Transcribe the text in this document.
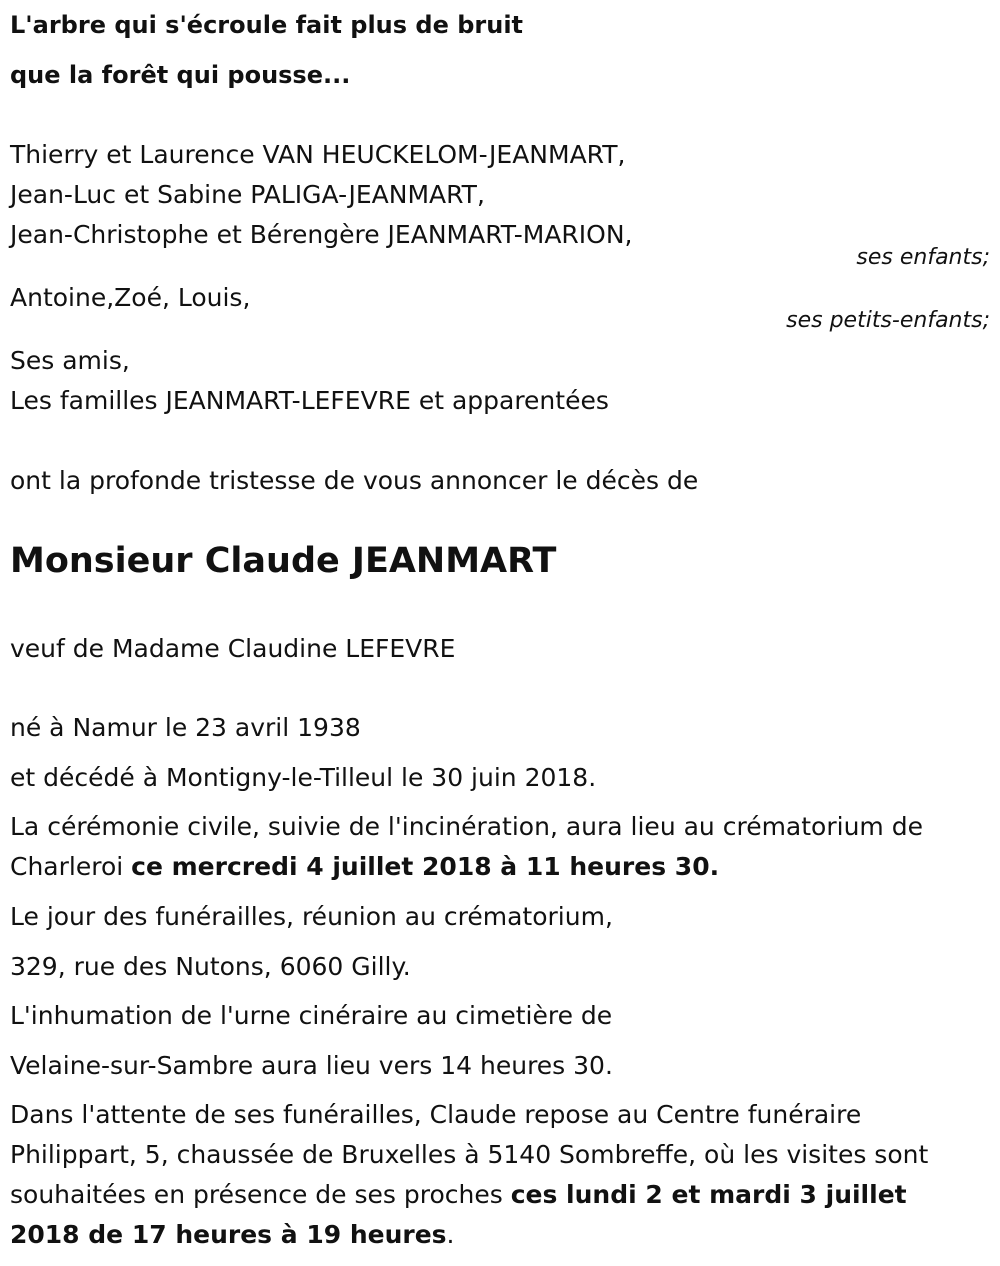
L'arbre qui s'écroule fait plus de bruit
que la forêt qui pousse...
Thierry et Laurence VAN HEUCKELOM-JEANMART,
Jean-Luc et Sabine PALIGA-JEANMART,
Jean-Christophe et Bérengère JEANMART-MARION,
ses enfants;
Antoine,Zoé, Louis,
ses petits-enfants;
Ses amis,
Les familles JEANMART-LEFEVRE et apparentées
ont la profonde tristesse de vous annoncer le décès de
Monsieur Claude JEANMART
veuf de Madame Claudine LEFEVRE
né à Namur le 23 avril 1938
et décédé à Montigny-le-Tilleul le 30 juin 2018.
La cérémonie civile, suivie de l'incinération, aura lieu au crématorium de
Charleroi ce mercredi 4 juillet 2018 à 11 heures 30.
Le jour des funérailles, réunion au crématorium,
329, rue des Nutons, 6060 Gilly.
L'inhumation de l'urne cinéraire au cimetière de
Velaine-sur-Sambre aura lieu vers 14 heures 30.
Dans l'attente de ses funérailles, Claude repose au Centre funéraire
Philippart, 5, chaussée de Bruxelles à 5140 Sombreffe, où les visites sont
souhaitées en présence de ses proches ces lundi 2 et mardi 3 juillet
2018 de 17 heures à 19 heures.
